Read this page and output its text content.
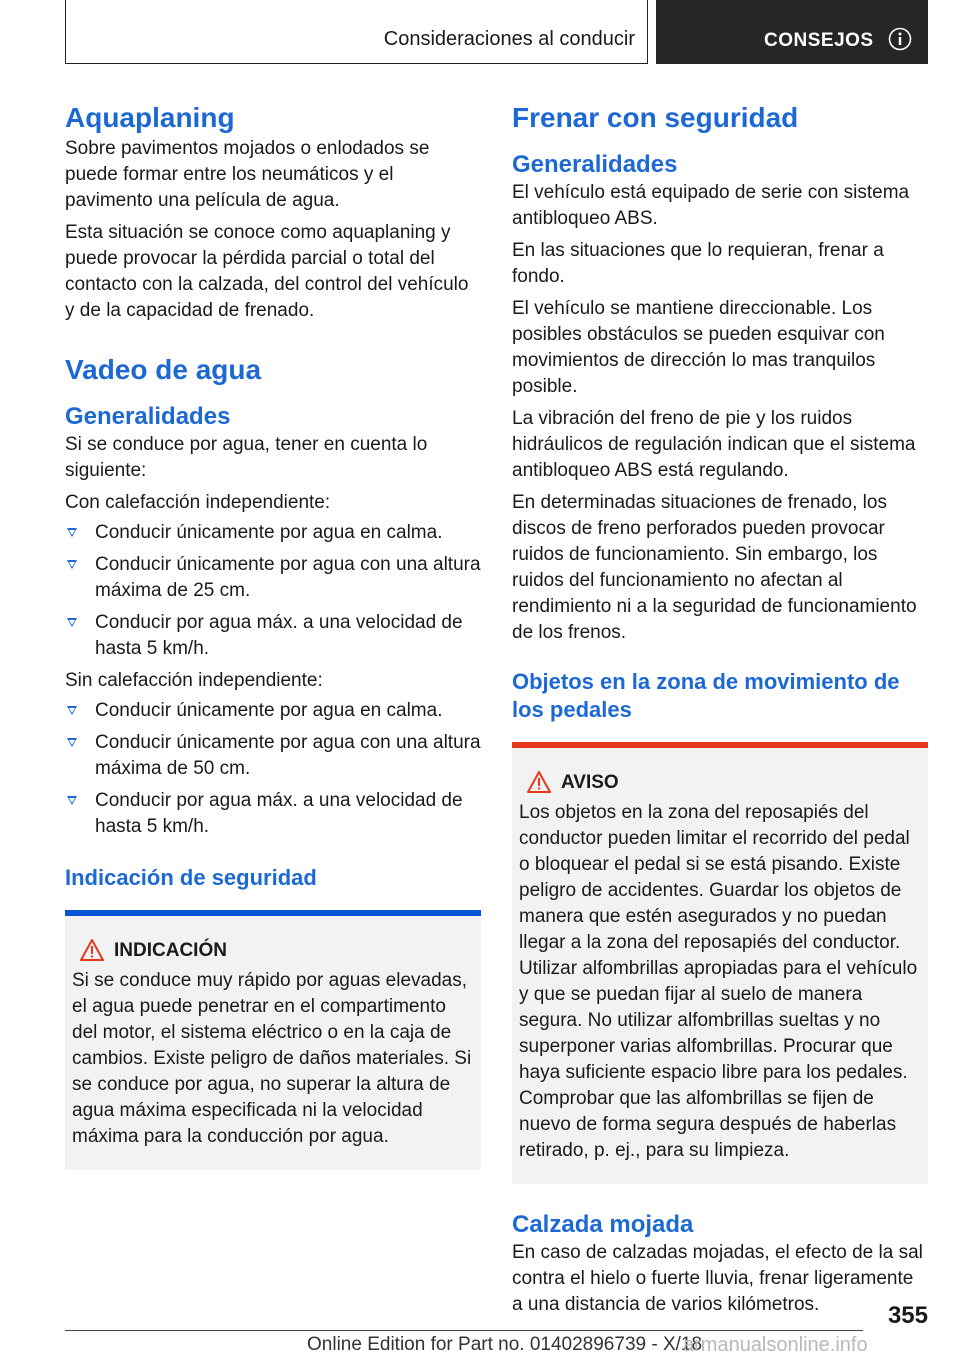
Consideraciones al conducir	CONSEJOS
Aquaplaning

Sobre pavimentos mojados o enlodados se puede formar entre los neumáticos y el pavimento una película de agua.

Esta situación se conoce como aquaplaning y puede provocar la pérdida parcial o total del contacto con la calzada, del control del vehículo y de la capacidad de frenado.

Vadeo de agua
Generalidades

Si se conduce por agua, tener en cuenta lo siguiente:

Con calefacción independiente:

Conducir únicamente por agua en calma.
Conducir únicamente por agua con una altura máxima de 25 cm.
Conducir por agua máx. a una velocidad de hasta 5 km/h.

Sin calefacción independiente:

Conducir únicamente por agua en calma.
Conducir únicamente por agua con una altura máxima de 50 cm.
Conducir por agua máx. a una velocidad de hasta 5 km/h.
Indicación de seguridad
INDICACIÓN

Si se conduce muy rápido por aguas elevadas, el agua puede penetrar en el compartimento del motor, el sistema eléctrico o en la caja de cambios. Existe peligro de daños materiales. Si se conduce por agua, no superar la altura de agua máxima especificada ni la velocidad máxima para la conducción por agua.

Frenar con seguridad
Generalidades

El vehículo está equipado de serie con sistema antibloqueo ABS.

En las situaciones que lo requieran, frenar a fondo.

El vehículo se mantiene direccionable. Los posibles obstáculos se pueden esquivar con movimientos de dirección lo mas tranquilos posible.

La vibración del freno de pie y los ruidos hidráulicos de regulación indican que el sistema antibloqueo ABS está regulando.

En determinadas situaciones de frenado, los discos de freno perforados pueden provocar ruidos de funcionamiento. Sin embargo, los ruidos del funcionamiento no afectan al rendimiento ni a la seguridad de funcionamiento de los frenos.

Objetos en la zona de movimiento de los pedales
AVISO

Los objetos en la zona del reposapiés del conductor pueden limitar el recorrido del pedal o bloquear el pedal si se está pisando. Existe peligro de accidentes. Guardar los objetos de manera que estén asegurados y no puedan llegar a la zona del reposapiés del conductor. Utilizar alfombrillas apropiadas para el vehículo y que se puedan fijar al suelo de manera segura. No utilizar alfombrillas sueltas y no superponer varias alfombrillas. Procurar que haya suficiente espacio libre para los pedales. Comprobar que las alfombrillas se fijen de nuevo de forma segura después de haberlas retirado, p. ej., para su limpieza.

Calzada mojada

En caso de calzadas mojadas, el efecto de la sal contra el hielo o fuerte lluvia, frenar ligeramente a una distancia de varios kilómetros.	355
Online Edition for Part no. 01402896739 - X/18
armanualsonline.info
